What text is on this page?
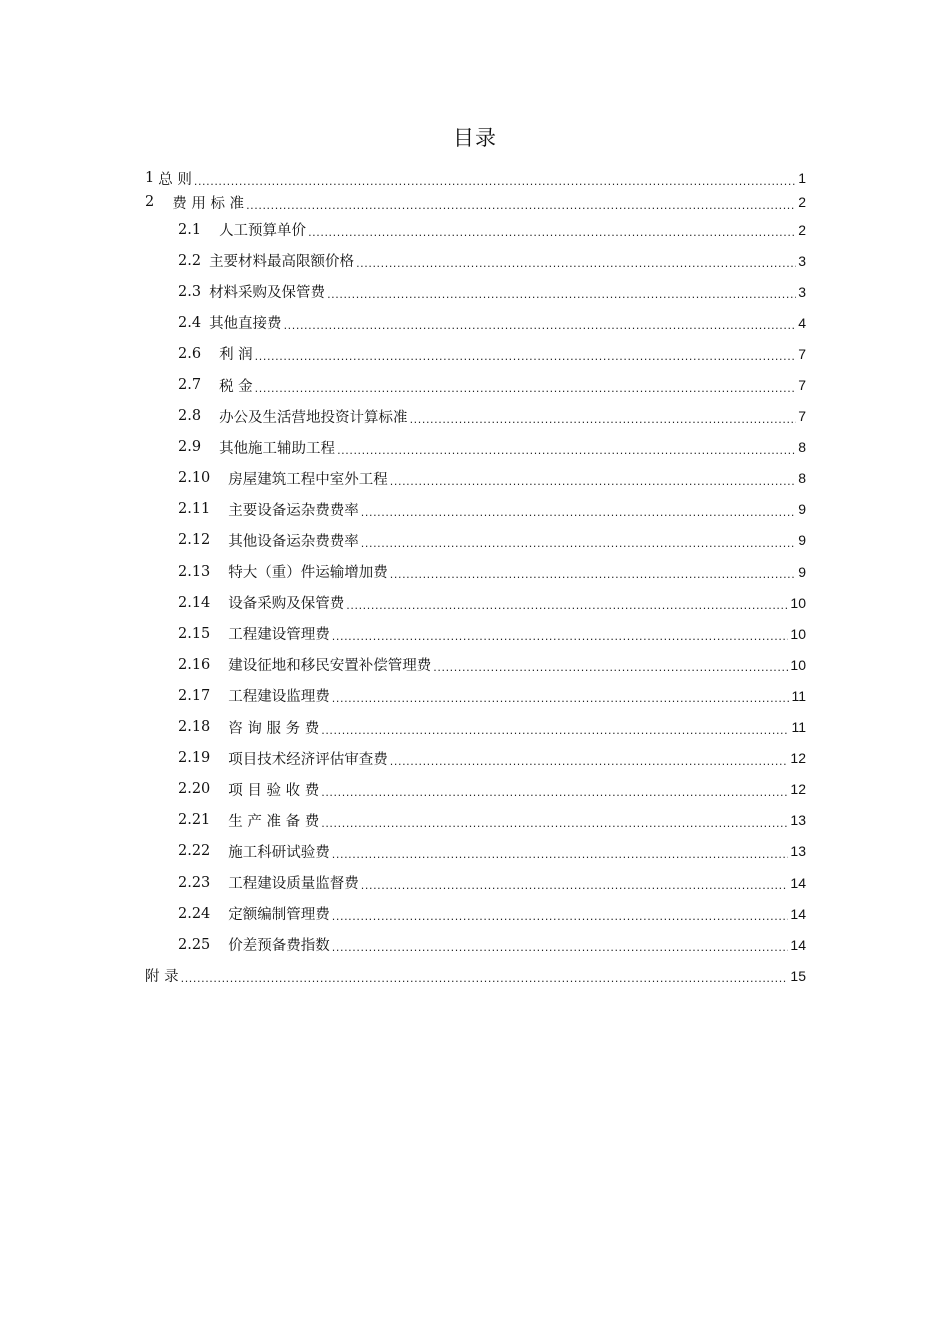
目录
1 总 则 .....	1
2 费 用 标 准 .....	2
2.1 人工预算单价 .....	2
2.2 主要材料最高限额价格 .....	3
2.3 材料采购及保管费 .....	3
2.4 其他直接费 .....	4
2.6 利 润 .....	7
2.7 税 金 .....	7
2.8 办公及生活营地投资计算标准 .....	7
2.9 其他施工辅助工程 .....	8
2.10 房屋建筑工程中室外工程 .....	8
2.11 主要设备运杂费费率 .....	9
2.12 其他设备运杂费费率 .....	9
2.13 特大（重）件运输增加费 .....	9
2.14 设备采购及保管费 .....	10
2.15 工程建设管理费 .....	10
2.16 建设征地和移民安置补偿管理费 .....	10
2.17 工程建设监理费 .....	11
2.18 咨 询 服 务 费 .....	11
2.19 项目技术经济评估审查费 .....	12
2.20 项 目 验 收 费 .....	12
2.21 生 产 准 备 费 .....	13
2.22 施工科研试验费 .....	13
2.23 工程建设质量监督费 .....	14
2.24 定额编制管理费 .....	14
2.25 价差预备费指数 .....	14
附 录 .....	15
